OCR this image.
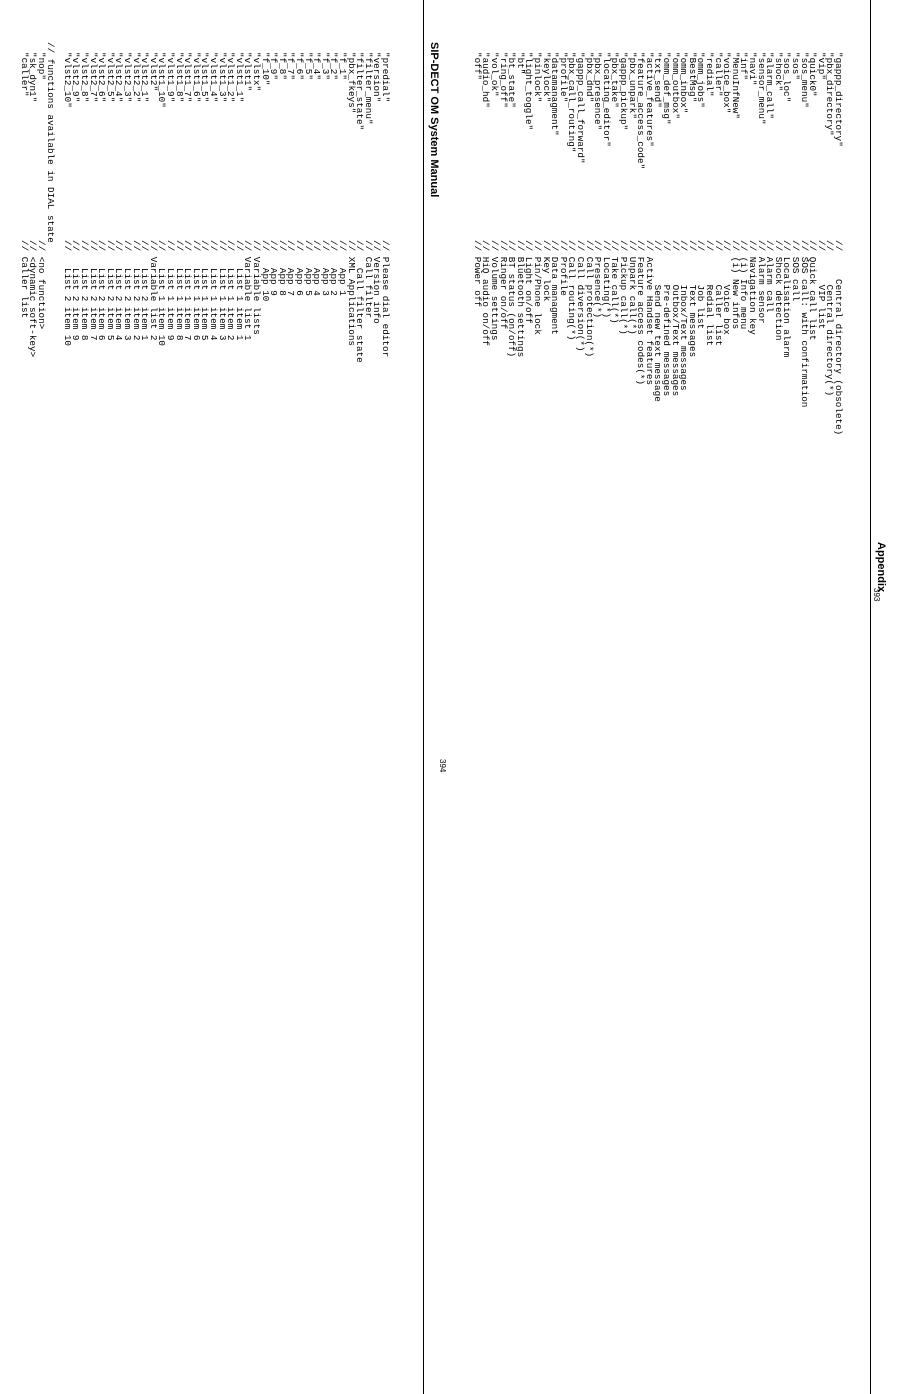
Appendix
393
"gappp_directory"
//     Central directory (obsolete)
"pbx_directory"
//      Central directory(*)
"vip"
//      VIP list
"quick0"
// Quick call list
"sos_menu"
// SOS call: with confirmation
"sos"
// SOS call
"sos_loc"
// Localisation alarm
"shock"
// Shock detection
"alarm_call"
// Alarm call
"sensor_menu"
// Alarm sensor
"navi"
// Navigation key
"inf"
// (i) Info menu
"MenuInfNew"
// (i) New infos
"voice_box"
//      Voice box
"caller"
//      Caller list
"redial"
//      Redial list
"omm_jobs"
//      Job list
"BestMsg"
//      Text messages
"omm_inbox"
//      Inbox/Text messages
"omm_outbox"
//      Outbox/Text messages
"omm_def_msg"
//      Pre-defined messages
"txt_send"
//      Send new text message
"active_features"
// Active Handset features
"feature_access_code"
// Feature access codes(*)
"pbx_unpark"
// Unpark call(*)
"gappp_pickup"
// Pickup call(*)
"pbx_take"
// Take call(*)
"locating_editor"
// Locating(*)
"pbx_presence"
// Presence(*)
"pbx_dnd"
// Call protection(*)
"gappp_call_forward"
// Call diversion(*)
"pbx_call_routing"
// Call routing(*)
"profile"
// Profile
"datamanagment"
// Data managment
"keylock"
// Key lock
"pinlock"
// Pin/Phone lock
"light_toggle"
// Light on/off
"bt"
// Bluetooth settings
"bt_state"
// BT status (on/off)
"ring_off"
// Ringer on/off
"vol_ok"
// Volume settings
"audio_hd"
// HiQ audio on/off
"off"
// Power off
SIP-DECT OM System Manual
394
"predial"
// Please dial editor
"version"
// Version info
"filter_menu"
// Call filter
"filter_state"
//   Call filter state
"pbx_fkeys"
// XML Applications
"f_1"
//   App 1
"f_2"
//   App 2
"f_3"
//   App 3
"f_4"
//   App 4
"f_5"
//   App 5
"f_6"
//   App 6
"f_7"
//   App 7
"f_8"
//   App 8
"f_9"
//   App 9
"f_10"
//   App 10
"vlstx"
// Variable lists
"vlst1"
// Variable list 1
"vlst1_1"
//   List 1 item 1
"vlst1_2"
//   List 1 item 2
"vlst1_3"
//   List 1 item 3
"vlst1_4"
//   List 1 item 4
"vlst1_5"
//   List 1 item 5
"vlst1_6"
//   List 1 item 6
"vlst1_7"
//   List 1 item 7
"vlst1_8"
//   List 1 item 8
"vlst1_9"
//   List 1 item 9
"vlst1_10"
//   List 1 item 10
"vlst2"
// Variable list 2
"vlst2_1"
//   List 2 item 1
"vlst2_2"
//   List 2 item 2
"vlst2_3"
//   List 2 item 3
"vlst2_4"
//   List 2 item 4
"vlst2_5"
//   List 2 item 5
"vlst2_6"
//   List 2 item 6
"vlst2_7"
//   List 2 item 7
"vlst2_8"
//   List 2 item 8
"vlst2_9"
//   List 2 item 9
"vlst2_10"
//   List 2 item 10
// functions available in DIAL state
"nop"
// <no function>
"sk_dyn1"
// <dynamic soft-key>
"caller"
// Caller list
